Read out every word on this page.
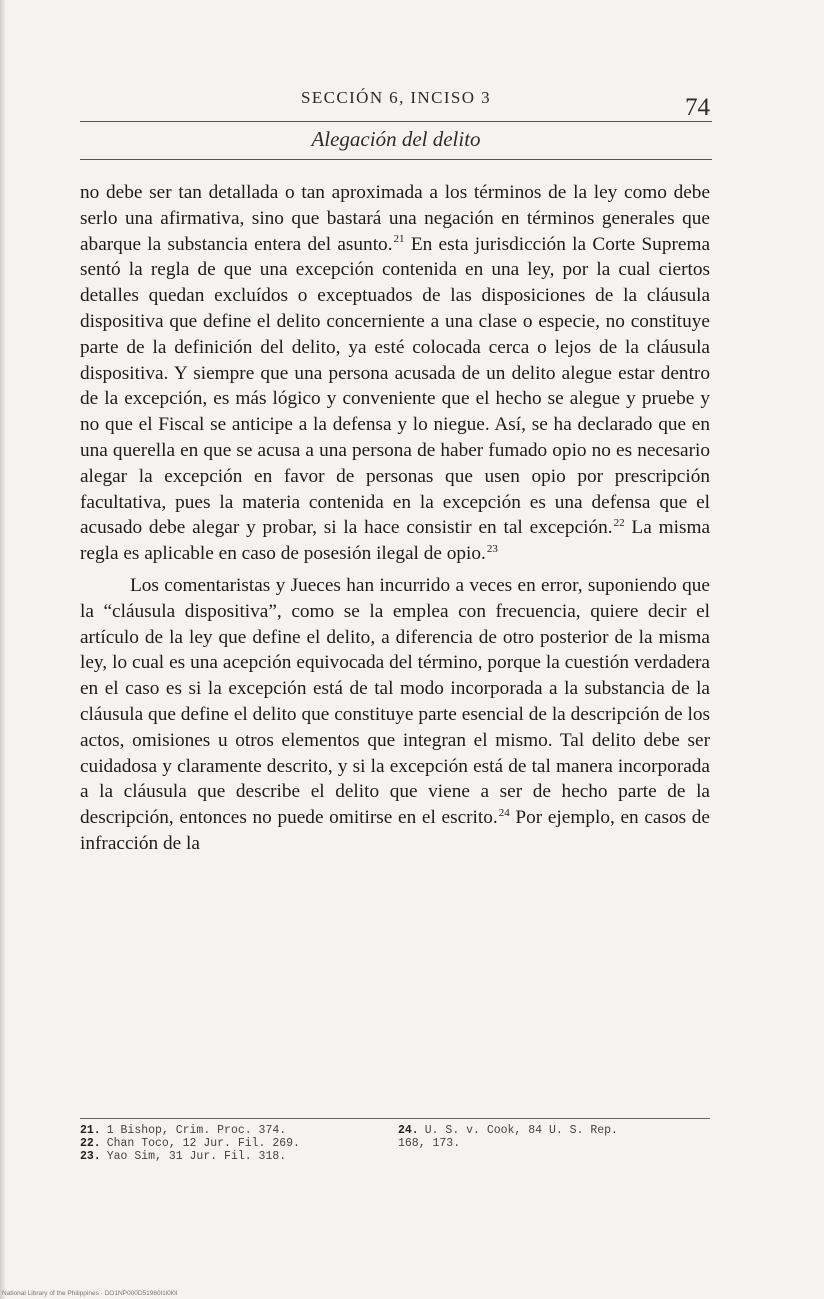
SECCIÓN 6, INCISO 3	74
Alegación del delito

no debe ser tan detallada o tan aproximada a los términos de la ley como debe serlo una afirmativa, sino que bastará una negación en términos generales que abarque la substancia entera del asunto.$^{21}$ En esta jurisdicción la Corte Suprema sentó la regla de que una excepción contenida en una ley, por la cual ciertos detalles quedan excluídos o exceptuados de las disposiciones de la cláusula dispositiva que define el delito concerniente a una clase o especie, no constituye parte de la definición del delito, ya esté colocada cerca o lejos de la cláusula dispositiva. Y siempre que una persona acusada de un delito alegue estar dentro de la excepción, es más lógico y conveniente que el hecho se alegue y pruebe y no que el Fiscal se anticipe a la defensa y lo niegue. Así, se ha declarado que en una querella en que se acusa a una persona de haber fumado opio no es necesario alegar la excepción en favor de personas que usen opio por prescripción facultativa, pues la materia contenida en la excepción es una defensa que el acusado debe alegar y probar, si la hace consistir en tal excepción.$^{22}$ La misma regla es aplicable en caso de posesión ilegal de opio.$^{23}$

Los comentaristas y Jueces han incurrido a veces en error, suponiendo que la “cláusula dispositiva”, como se la emplea con frecuencia, quiere decir el artículo de la ley que define el delito, a diferencia de otro posterior de la misma ley, lo cual es una acepción equivocada del término, porque la cuestión verdadera en el caso es si la excepción está de tal modo incorporada a la substancia de la cláusula que define el delito que constituye parte esencial de la descripción de los actos, omisiones u otros elementos que integran el mismo. Tal delito debe ser cuidadosa y claramente descrito, y si la excepción está de tal manera incorporada a la cláusula que describe el delito que viene a ser de hecho parte de la descripción, entonces no puede omitirse en el escrito.$^{24}$ Por ejemplo, en casos de infracción de la

21. 1 Bishop, Crim. Proc. 374.
22. Chan Toco, 12 Jur. Fil. 269.
23. Yao Sim, 31 Jur. Fil. 318.
24. U. S. v. Cook, 84 U. S. Rep.
168, 173.
National Library of the Philippines · DO1NP000D51960l1l0l0l
